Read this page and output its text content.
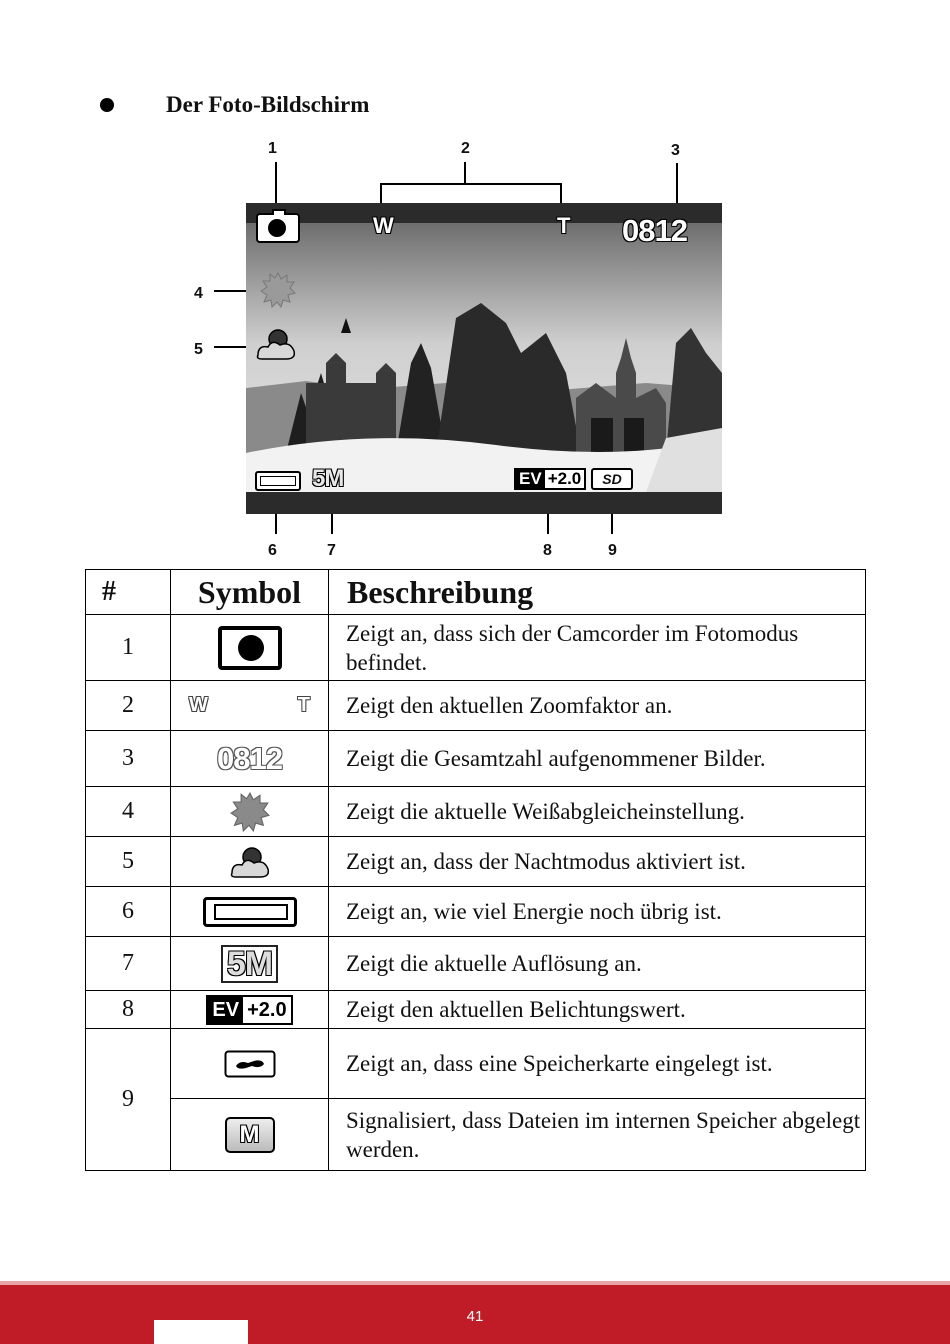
Der Foto-Bildschirm
1	2	3
4
5
6	7	8	9
W	T 0812
5M	EV +2.0	SD
#	Symbol	Beschreibung
1		Zeigt an, dass sich der Camcorder im Fotomodus befindet.
2	W T	Zeigt den aktuellen Zoomfaktor an.
3	0812	Zeigt die Gesamtzahl aufgenommener Bilder.
4		Zeigt die aktuelle Weißabgleicheinstellung.
5		Zeigt an, dass der Nachtmodus aktiviert ist.
6		Zeigt an, wie viel Energie noch übrig ist.
7	5M	Zeigt die aktuelle Auflösung an.
8	EV +2.0	Zeigt den aktuellen Belichtungswert.
9		Zeigt an, dass eine Speicherkarte eingelegt ist.
	M	Signalisiert, dass Dateien im internen Speicher abgelegt werden.
41
